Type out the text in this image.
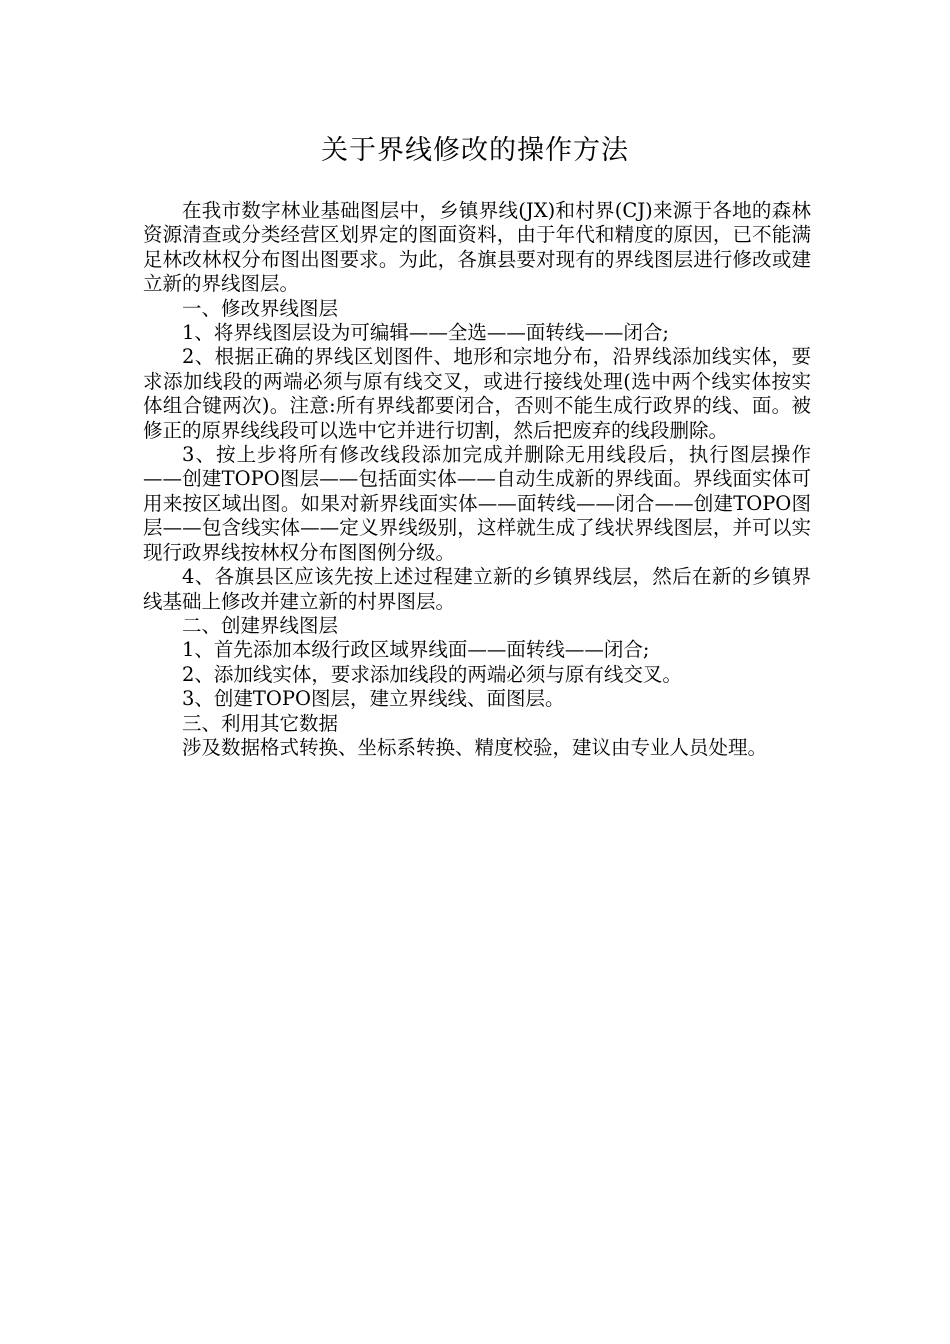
关于界线修改的操作方法

在我市数字林业基础图层中，乡镇界线(JX)和村界(CJ)来源于各地的森林资源清查或分类经营区划界定的图面资料，由于年代和精度的原因，已不能满足林改林权分布图出图要求。为此，各旗县要对现有的界线图层进行修改或建立新的界线图层。

一、修改界线图层

1、将界线图层设为可编辑——全选——面转线——闭合;

2、根据正确的界线区划图件、地形和宗地分布，沿界线添加线实体，要求添加线段的两端必须与原有线交叉，或进行接线处理(选中两个线实体按实体组合键两次)。注意:所有界线都要闭合，否则不能生成行政界的线、面。被修正的原界线线段可以选中它并进行切割，然后把废弃的线段删除。

3、按上步将所有修改线段添加完成并删除无用线段后，执行图层操作——创建TOPO图层——包括面实体——自动生成新的界线面。界线面实体可用来按区域出图。如果对新界线面实体——面转线——闭合——创建TOPO图层——包含线实体——定义界线级别，这样就生成了线状界线图层，并可以实现行政界线按林权分布图图例分级。

4、各旗县区应该先按上述过程建立新的乡镇界线层，然后在新的乡镇界线基础上修改并建立新的村界图层。

二、创建界线图层

1、首先添加本级行政区域界线面——面转线——闭合;

2、添加线实体，要求添加线段的两端必须与原有线交叉。

3、创建TOPO图层，建立界线线、面图层。

三、利用其它数据

涉及数据格式转换、坐标系转换、精度校验，建议由专业人员处理。
